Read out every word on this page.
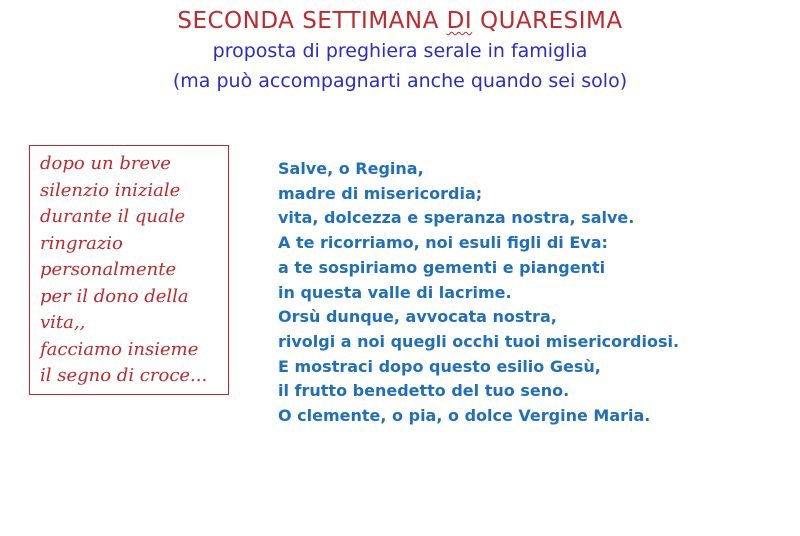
SECONDA SETTIMANA DI QUARESIMA

proposta di preghiera serale in famiglia

(ma può accompagnarti anche quando sei solo)

dopo un breve
silenzio iniziale
durante il quale
ringrazio
personalmente
per il dono della
vita,,
facciamo insieme
il segno di croce...
Salve, o Regina,
madre di misericordia;
vita, dolcezza e speranza nostra, salve.
A te ricorriamo, noi esuli figli di Eva:
a te sospiriamo gementi e piangenti
in questa valle di lacrime.
Orsù dunque, avvocata nostra,
rivolgi a noi quegli occhi tuoi misericordiosi.
E mostraci dopo questo esilio Gesù,
il frutto benedetto del tuo seno.
O clemente, o pia, o dolce Vergine Maria.
